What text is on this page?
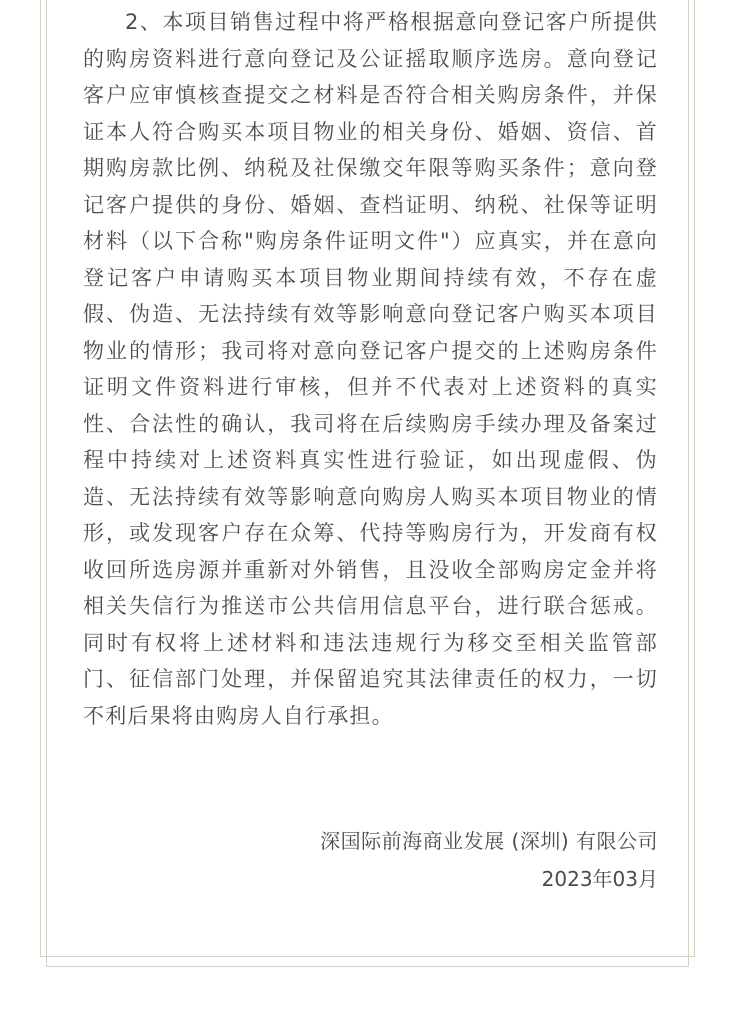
2、本项目销售过程中将严格根据意向登记客户所提供的购房资料进行意向登记及公证摇取顺序选房。意向登记客户应审慎核查提交之材料是否符合相关购房条件，并保证本人符合购买本项目物业的相关身份、婚姻、资信、首期购房款比例、纳税及社保缴交年限等购买条件；意向登记客户提供的身份、婚姻、查档证明、纳税、社保等证明材料（以下合称"购房条件证明文件"）应真实，并在意向登记客户申请购买本项目物业期间持续有效，不存在虚假、伪造、无法持续有效等影响意向登记客户购买本项目物业的情形；我司将对意向登记客户提交的上述购房条件证明文件资料进行审核，但并不代表对上述资料的真实性、合法性的确认，我司将在后续购房手续办理及备案过程中持续对上述资料真实性进行验证，如出现虚假、伪造、无法持续有效等影响意向购房人购买本项目物业的情形，或发现客户存在众筹、代持等购房行为，开发商有权收回所选房源并重新对外销售，且没收全部购房定金并将相关失信行为推送市公共信用信息平台，进行联合惩戒。同时有权将上述材料和违法违规行为移交至相关监管部门、征信部门处理，并保留追究其法律责任的权力，一切不利后果将由购房人自行承担。

深国际前海商业发展 (深圳) 有限公司
2023年03月
